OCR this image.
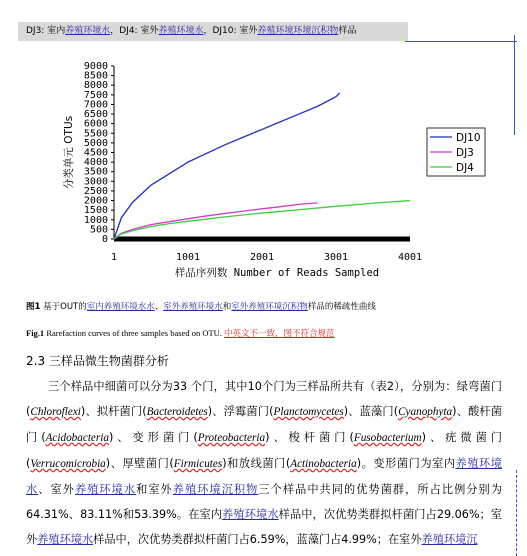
DJ3: 室内养殖环境水，DJ4: 室外养殖环境水，DJ10: 室外养殖环境环境沉积物样品
0
500
1000
1500
2000
2500
3000
3500
4000
4500
5000
5500
6000
6500
7000
7500
8000
8500
9000
1	1001	2001	3001	4001
样品序列数 Number of Reads Sampled
分类单元 OTUs	DJ10
DJ3
DJ4
图1 基于OUT的室内养殖环境水水、室外养殖环境水和室外养殖环境沉积物样品的稀疏性曲线
Fig.1 Rarefaction curves of three samples based on OTU. 中英文不一致，图不符合规范
2.3 三样品微生物菌群分析
三个样品中细菌可以分为33 个门，其中10个门为三样品所共有（表2），分别为：绿弯菌门(Chloroflexi)、拟杆菌门(Bacteroidetes)、浮霉菌门(Planctomycetes)、蓝藻门(Cyanophyta)、酸杆菌门(Acidobacteria)、变形菌门(Proteobacteria)、梭杆菌门(Fusobacterium)、疣微菌门(Verrucomicrobia)、厚壁菌门(Firmicutes)和放线菌门(Actinobacteria)。变形菌门为室内养殖环境水、室外养殖环境水和室外养殖环境沉积物三个样品中共同的优势菌群，所占比例分别为64.31%、83.11%和53.39%。在室内养殖环境水样品中，次优势类群拟杆菌门占29.06%；室外养殖环境水样品中，次优势类群拟杆菌门占6.59%，蓝藻门占4.99%；在室外养殖环境沉
